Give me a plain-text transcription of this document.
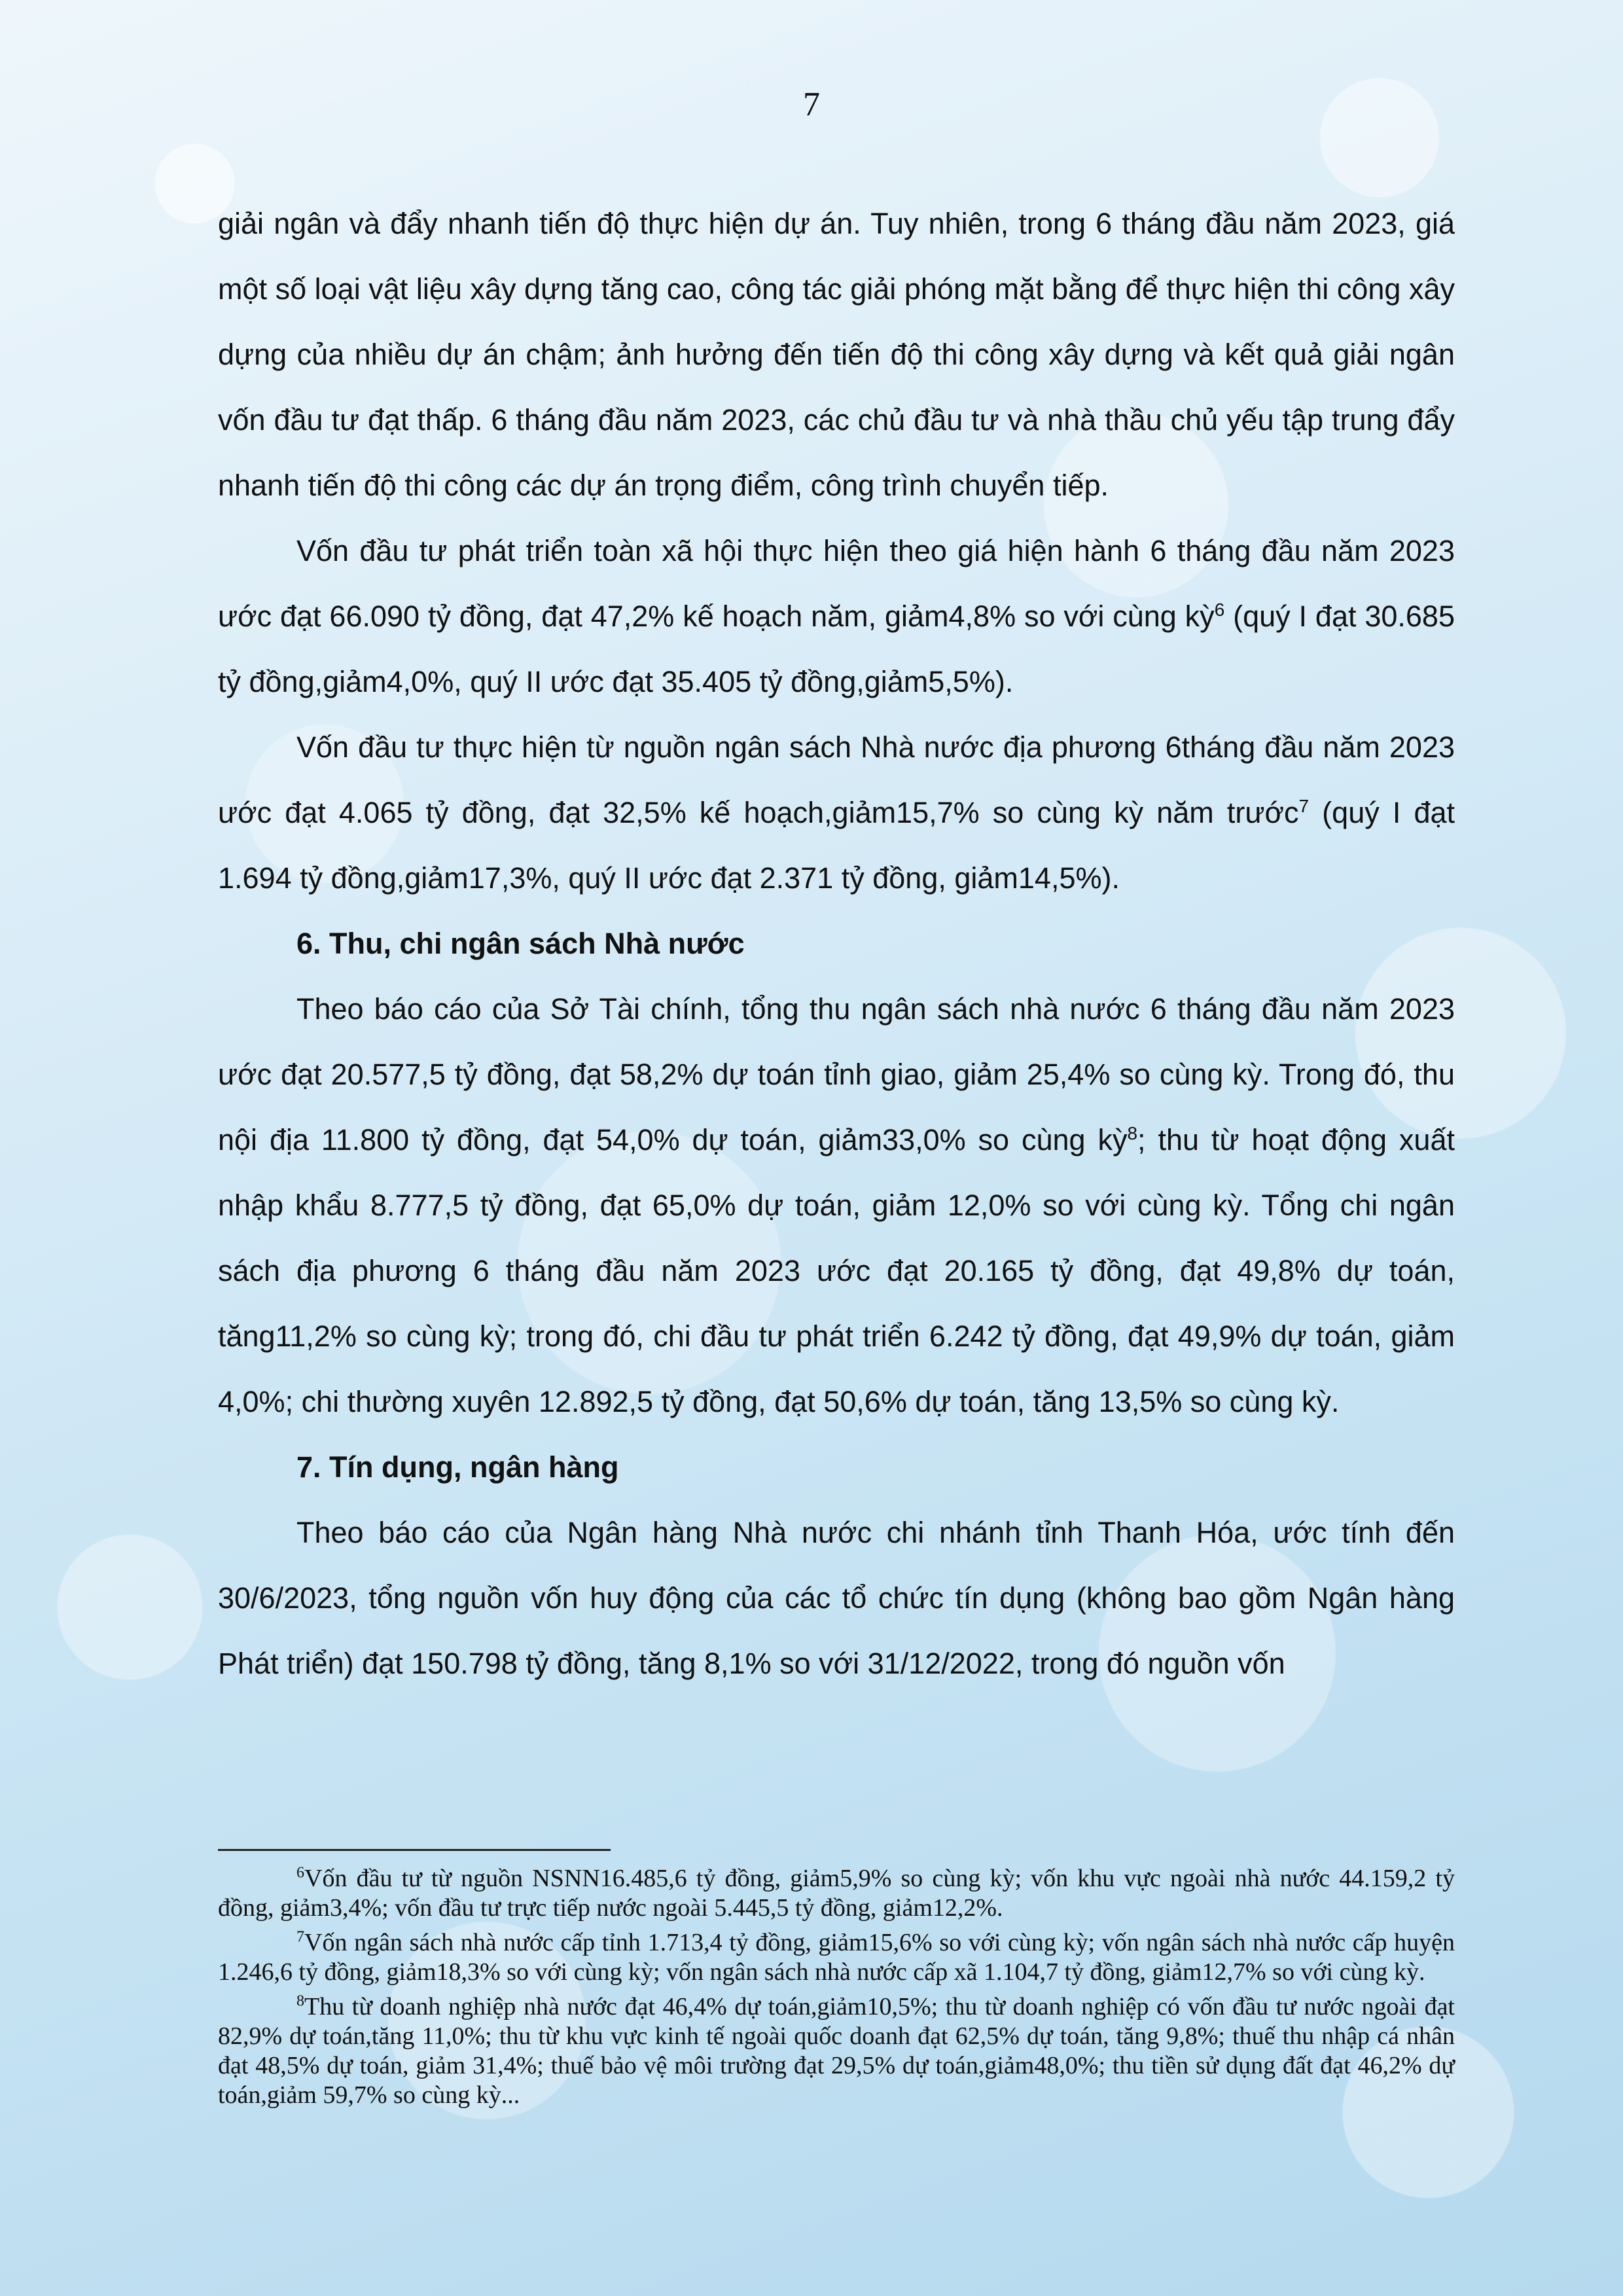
7

giải ngân và đẩy nhanh tiến độ thực hiện dự án. Tuy nhiên, trong 6 tháng đầu năm 2023, giá một số loại vật liệu xây dựng tăng cao, công tác giải phóng mặt bằng để thực hiện thi công xây dựng của nhiều dự án chậm; ảnh hưởng đến tiến độ thi công xây dựng và kết quả giải ngân vốn đầu tư đạt thấp. 6 tháng đầu năm 2023, các chủ đầu tư và nhà thầu chủ yếu tập trung đẩy nhanh tiến độ thi công các dự án trọng điểm, công trình chuyển tiếp.

Vốn đầu tư phát triển toàn xã hội thực hiện theo giá hiện hành 6 tháng đầu năm 2023 ước đạt 66.090 tỷ đồng, đạt 47,2% kế hoạch năm, giảm4,8% so với cùng kỳ$^6$ (quý I đạt 30.685 tỷ đồng,giảm4,0%, quý II ước đạt 35.405 tỷ đồng,giảm5,5%).

Vốn đầu tư thực hiện từ nguồn ngân sách Nhà nước địa phương 6tháng đầu năm 2023 ước đạt 4.065 tỷ đồng, đạt 32,5% kế hoạch,giảm15,7% so cùng kỳ năm trước$^7$ (quý I đạt 1.694 tỷ đồng,giảm17,3%, quý II ước đạt 2.371 tỷ đồng, giảm14,5%).

6. Thu, chi ngân sách Nhà nước

Theo báo cáo của Sở Tài chính, tổng thu ngân sách nhà nước 6 tháng đầu năm 2023 ước đạt 20.577,5 tỷ đồng, đạt 58,2% dự toán tỉnh giao, giảm 25,4% so cùng kỳ. Trong đó, thu nội địa 11.800 tỷ đồng, đạt 54,0% dự toán, giảm33,0% so cùng kỳ$^8$; thu từ hoạt động xuất nhập khẩu 8.777,5 tỷ đồng, đạt 65,0% dự toán, giảm 12,0% so với cùng kỳ. Tổng chi ngân sách địa phương 6 tháng đầu năm 2023 ước đạt 20.165 tỷ đồng, đạt 49,8% dự toán, tăng11,2% so cùng kỳ; trong đó, chi đầu tư phát triển 6.242 tỷ đồng, đạt 49,9% dự toán, giảm 4,0%; chi thường xuyên 12.892,5 tỷ đồng, đạt 50,6% dự toán, tăng 13,5% so cùng kỳ.

7. Tín dụng, ngân hàng

Theo báo cáo của Ngân hàng Nhà nước chi nhánh tỉnh Thanh Hóa, ước tính đến 30/6/2023, tổng nguồn vốn huy động của các tổ chức tín dụng (không bao gồm Ngân hàng Phát triển) đạt 150.798 tỷ đồng, tăng 8,1% so với 31/12/2022, trong đó nguồn vốn

$^6$Vốn đầu tư từ nguồn NSNN16.485,6 tỷ đồng, giảm5,9% so cùng kỳ; vốn khu vực ngoài nhà nước 44.159,2 tỷ đồng, giảm3,4%; vốn đầu tư trực tiếp nước ngoài 5.445,5 tỷ đồng, giảm12,2%.

$^7$Vốn ngân sách nhà nước cấp tỉnh 1.713,4 tỷ đồng, giảm15,6% so với cùng kỳ; vốn ngân sách nhà nước cấp huyện 1.246,6 tỷ đồng, giảm18,3% so với cùng kỳ; vốn ngân sách nhà nước cấp xã 1.104,7 tỷ đồng, giảm12,7% so với cùng kỳ.

$^8$Thu từ doanh nghiệp nhà nước đạt 46,4% dự toán,giảm10,5%; thu từ doanh nghiệp có vốn đầu tư nước ngoài đạt 82,9% dự toán,tăng 11,0%; thu từ khu vực kinh tế ngoài quốc doanh đạt 62,5% dự toán, tăng 9,8%; thuế thu nhập cá nhân đạt 48,5% dự toán, giảm 31,4%; thuế bảo vệ môi trường đạt 29,5% dự toán,giảm48,0%; thu tiền sử dụng đất đạt 46,2% dự toán,giảm 59,7% so cùng kỳ...
